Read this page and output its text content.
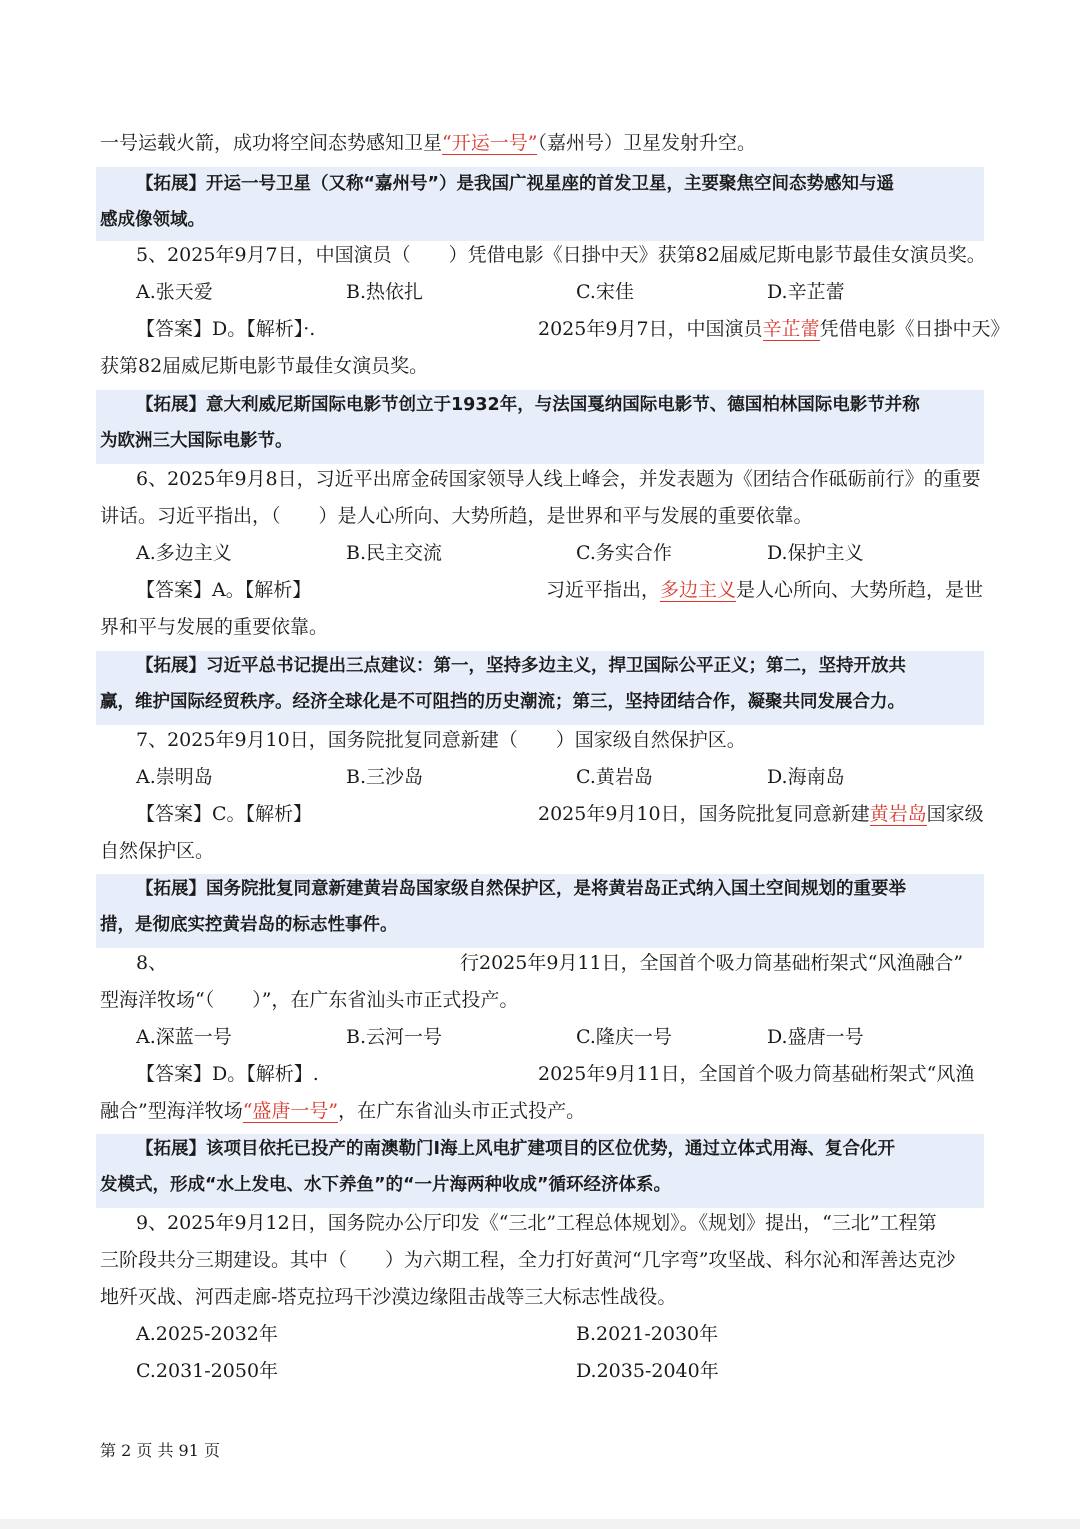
一号运载火箭，成功将空间态势感知卫星“开运一号”（嘉州号）卫星发射升空。
【拓展】开运一号卫星（又称“嘉州号”）是我国广视星座的首发卫星，主要聚焦空间态势感知与遥
感成像领域。
5、2025年9月7日，中国演员（　　）凭借电影《日掛中天》获第82届威尼斯电影节最佳女演员奖。
A.张天爱	B.热依扎	C.宋佳	D.辛芷蕾
【答案】D。【解析】·.	2025年9月7日，中国演员辛芷蕾凭借电影《日掛中天》
获第82届威尼斯电影节最佳女演员奖。
【拓展】意大利威尼斯国际电影节创立于1932年，与法国戛纳国际电影节、德国柏林国际电影节并称
为欧洲三大国际电影节。
6、2025年9月8日，习近平出席金砖国家领导人线上峰会，并发表题为《团结合作砥砺前行》的重要
讲话。习近平指出，（　　）是人心所向、大势所趋，是世界和平与发展的重要依靠。
A.多边主义	B.民主交流	C.务实合作	D.保护主义
【答案】A。【解析】	习近平指出，多边主义是人心所向、大势所趋，是世
界和平与发展的重要依靠。
【拓展】习近平总书记提出三点建议：第一，坚持多边主义，捍卫国际公平正义；第二，坚持开放共
赢，维护国际经贸秩序。经济全球化是不可阻挡的历史潮流；第三，坚持团结合作，凝聚共同发展合力。
7、2025年9月10日，国务院批复同意新建（　　）国家级自然保护区。
A.崇明岛	B.三沙岛	C.黄岩岛	D.海南岛
【答案】C。【解析】	2025年9月10日，国务院批复同意新建黄岩岛国家级
自然保护区。
【拓展】国务院批复同意新建黄岩岛国家级自然保护区，是将黄岩岛正式纳入国土空间规划的重要举
措，是彻底实控黄岩岛的标志性事件。
8、	行2025年9月11日，全国首个吸力筒基础桁架式“风渔融合”
型海洋牧场“（　　）”，在广东省汕头市正式投产。
A.深蓝一号	B.云河一号	C.隆庆一号	D.盛唐一号
【答案】D。【解析】.	2025年9月11日，全国首个吸力筒基础桁架式“风渔
融合”型海洋牧场“盛唐一号”，在广东省汕头市正式投产。
【拓展】该项目依托已投产的南澳勒门Ⅰ海上风电扩建项目的区位优势，通过立体式用海、复合化开
发模式，形成“水上发电、水下养鱼”的“一片海两种收成”循环经济体系。
9、2025年9月12日，国务院办公厅印发《“三北”工程总体规划》。《规划》提出，“三北”工程第
三阶段共分三期建设。其中（　　）为六期工程，全力打好黄河“几字弯”攻坚战、科尔沁和浑善达克沙
地歼灭战、河西走廊-塔克拉玛干沙漠边缘阻击战等三大标志性战役。
A.2025-2032年	B.2021-2030年
C.2031-2050年	D.2035-2040年
第 2 页 共 91 页
